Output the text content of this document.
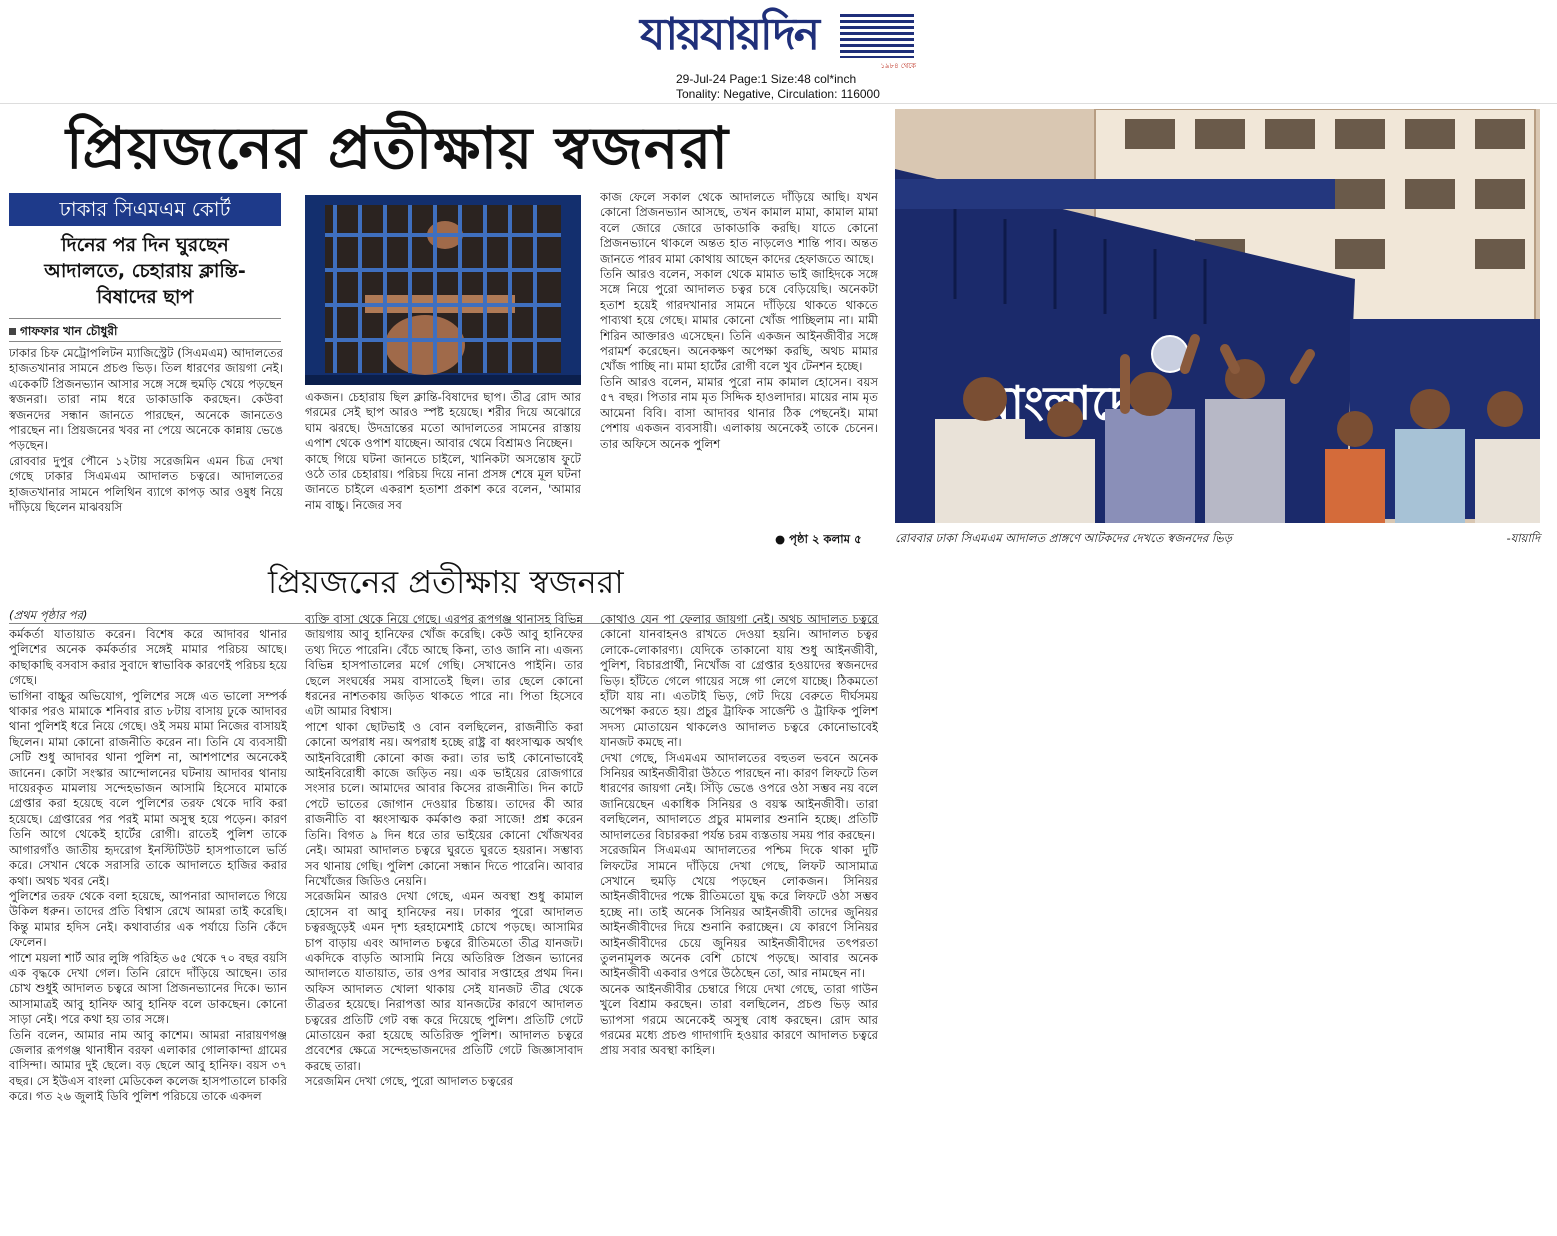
যায়যায়দিন
১৯৮৪ থেকে
29-Jul-24 Page:1 Size:48 col*inch
Tonality: Negative, Circulation: 116000
প্রিয়জনের প্রতীক্ষায় স্বজনরা
ঢাকার সিএমএম কোর্ট
দিনের পর দিন ঘুরছেন আদালতে, চেহারায় ক্লান্তি-বিষাদের ছাপ
গাফফার খান চৌধুরী
ঢাকার চিফ মেট্রোপলিটন ম্যাজিস্ট্রেট (সিএমএম) আদালতের হাজতখানার সামনে প্রচণ্ড ভিড়। তিল ধারণের জায়গা নেই। একেকটি প্রিজনভ্যান আসার সঙ্গে সঙ্গে হুমড়ি খেয়ে পড়ছেন স্বজনরা। তারা নাম ধরে ডাকাডাকি করছেন। কেউবা স্বজনদের সন্ধান জানতে পারছেন, অনেকে জানতেও পারছেন না। প্রিয়জনের খবর না পেয়ে অনেকে কান্নায় ভেঙে পড়ছেন।
রোববার দুপুর পৌনে ১২টায় সরেজমিন এমন চিত্র দেখা গেছে ঢাকার সিএমএম আদালত চত্বরে। আদালতের হাজতখানার সামনে পলিথিন ব্যাগে কাপড় আর ওষুধ নিয়ে দাঁড়িয়ে ছিলেন মাঝবয়সি
একজন। চেহারায় ছিল ক্লান্তি-বিষাদের ছাপ। তীব্র রোদ আর গরমের সেই ছাপ আরও স্পষ্ট হয়েছে। শরীর দিয়ে অঝোরে ঘাম ঝরছে। উদভ্রান্তের মতো আদালতের সামনের রাস্তায় এপাশ থেকে ওপাশ যাচ্ছেন। আবার থেমে বিশ্রামও নিচ্ছেন।
কাছে গিয়ে ঘটনা জানতে চাইলে, খানিকটা অসন্তোষ ফুটে ওঠে তার চেহারায়। পরিচয় দিয়ে নানা প্রসঙ্গ শেষে মূল ঘটনা জানতে চাইলে একরাশ হতাশা প্রকাশ করে বলেন, 'আমার নাম বাচ্চু। নিজের সব
কাজ ফেলে সকাল থেকে আদালতে দাঁড়িয়ে আছি। যখন কোনো প্রিজনভ্যান আসছে, তখন কামাল মামা, কামাল মামা বলে জোরে জোরে ডাকাডাকি করছি। যাতে কোনো প্রিজনভ্যানে থাকলে অন্তত হাত নাড়লেও শান্তি পাব। অন্তত জানতে পারব মামা কোথায় আছেন কাদের হেফাজতে আছে।
তিনি আরও বলেন, সকাল থেকে মামাত ভাই জাহিদকে সঙ্গে সঙ্গে নিয়ে পুরো আদালত চত্বর চষে বেড়িয়েছি। অনেকটা হতাশ হয়েই গারদখানার সামনে দাঁড়িয়ে থাকতে থাকতে পাব্যথা হয়ে গেছে। মামার কোনো খোঁজ পাচ্ছিলাম না। মামী শিরিন আক্তারও এসেছেন। তিনি একজন আইনজীবীর সঙ্গে পরামর্শ করেছেন। অনেকক্ষণ অপেক্ষা করছি, অথচ মামার খোঁজ পাচ্ছি না। মামা হার্টের রোগী বলে খুব টেনশন হচ্ছে।
তিনি আরও বলেন, মামার পুরো নাম কামাল হোসেন। বয়স ৫৭ বছর। পিতার নাম মৃত সিদ্দিক হাওলাদার। মায়ের নাম মৃত আমেনা বিবি। বাসা আদাবর থানার ঠিক পেছনেই। মামা পেশায় একজন ব্যবসায়ী। এলাকায় অনেকেই তাকে চেনেন। তার অফিসে অনেক পুলিশ
● পৃষ্ঠা ২ কলাম ৫	রোববার ঢাকা সিএমএম আদালত প্রাঙ্গণে আটকদের দেখতে স্বজনদের ভিড়	-যায়াদি
প্রিয়জনের প্রতীক্ষায় স্বজনরা
(প্রথম পৃষ্ঠার পর)
কর্মকর্তা যাতায়াত করেন। বিশেষ করে আদাবর থানার পুলিশের অনেক কর্মকর্তার সঙ্গেই মামার পরিচয় আছে। কাছাকাছি বসবাস করার সুবাদে স্বাভাবিক কারণেই পরিচয় হয়ে গেছে।
ভাগিনা বাচ্চুর অভিযোগ, পুলিশের সঙ্গে এত ভালো সম্পর্ক থাকার পরও মামাকে শনিবার রাত ৮টায় বাসায় ঢুকে আদাবর থানা পুলিশই ধরে নিয়ে গেছে। ওই সময় মামা নিজের বাসায়ই ছিলেন। মামা কোনো রাজনীতি করেন না। তিনি যে ব্যবসায়ী সেটি শুধু আদাবর থানা পুলিশ না, আশপাশের অনেকেই জানেন। কোটা সংস্কার আন্দোলনের ঘটনায় আদাবর থানায় দায়েরকৃত মামলায় সন্দেহভাজন আসামি হিসেবে মামাকে গ্রেপ্তার করা হয়েছে বলে পুলিশের তরফ থেকে দাবি করা হয়েছে। গ্রেপ্তারের পর পরই মামা অসুস্থ হয়ে পড়েন। কারণ তিনি আগে থেকেই হার্টের রোগী। রাতেই পুলিশ তাকে আগারগাঁও জাতীয় হৃদরোগ ইনস্টিটিউট হাসপাতালে ভর্তি করে। সেখান থেকে সরাসরি তাকে আদালতে হাজির করার কথা। অথচ খবর নেই।
পুলিশের তরফ থেকে বলা হয়েছে, আপনারা আদালতে গিয়ে উকিল ধরুন। তাদের প্রতি বিশ্বাস রেখে আমরা তাই করেছি। কিন্তু মামার হদিস নেই। কথাবার্তার এক পর্যায়ে তিনি কেঁদে ফেলেন।
পাশে ময়লা শার্ট আর লুঙ্গি পরিহিত ৬৫ থেকে ৭০ বছর বয়সি এক বৃদ্ধকে দেখা গেল। তিনি রোদে দাঁড়িয়ে আছেন। তার চোখ শুধুই আদালত চত্বরে আসা প্রিজনভ্যানের দিকে। ভ্যান আসামাত্রই আবু হানিফ আবু হানিফ বলে ডাকছেন। কোনো সাড়া নেই। পরে কথা হয় তার সঙ্গে।
তিনি বলেন, আমার নাম আবু কাশেম। আমরা নারায়ণগঞ্জ জেলার রূপগঞ্জ থানাধীন বরফা এলাকার গোলাকান্দা গ্রামের বাসিন্দা। আমার দুই ছেলে। বড় ছেলে আবু হানিফ। বয়স ৩৭ বছর। সে ইউএস বাংলা মেডিকেল কলেজ হাসপাতালে চাকরি করে। গত ২৬ জুলাই ডিবি পুলিশ পরিচয়ে তাকে একদল
ব্যক্তি বাসা থেকে নিয়ে গেছে। এরপর রূপগঞ্জ থানাসহ বিভিন্ন জায়গায় আবু হানিফের খোঁজ করেছি। কেউ আবু হানিফের তথ্য দিতে পারেনি। বেঁচে আছে কিনা, তাও জানি না। এজন্য বিভিন্ন হাসপাতালের মর্গে গেছি। সেখানেও পাইনি। তার ছেলে সংঘর্ষের সময় বাসাতেই ছিল। তার ছেলে কোনো ধরনের নাশতকায় জড়িত থাকতে পারে না। পিতা হিসেবে এটা আমার বিশ্বাস।
পাশে থাকা ছোটভাই ও বোন বলছিলেন, রাজনীতি করা কোনো অপরাধ নয়। অপরাধ হচ্ছে রাষ্ট্র বা ধ্বংসাত্মক অর্থাৎ আইনবিরোধী কোনো কাজ করা। তার ভাই কোনোভাবেই আইনবিরোধী কাজে জড়িত নয়। এক ভাইয়ের রোজগারে সংসার চলে। আমাদের আবার কিসের রাজনীতি। দিন কাটে পেটে ভাতের জোগান দেওয়ার চিন্তায়। তাদের কী আর রাজনীতি বা ধ্বংসাত্মক কর্মকাণ্ড করা সাজে! প্রশ্ন করেন তিনি। বিগত ৯ দিন ধরে তার ভাইয়ের কোনো খোঁজখবর নেই। আমরা আদালত চত্বরে ঘুরতে ঘুরতে হয়রান। সম্ভাব্য সব থানায় গেছি। পুলিশ কোনো সন্ধান দিতে পারেনি। আবার নিখোঁজের জিডিও নেয়নি।
সরেজমিন আরও দেখা গেছে, এমন অবস্থা শুধু কামাল হোসেন বা আবু হানিফের নয়। ঢাকার পুরো আদালত চত্বরজুড়েই এমন দৃশ্য হরহামেশাই চোখে পড়ছে। আসামির চাপ বাড়ায় এবং আদালত চত্বরে রীতিমতো তীব্র যানজট। একদিকে বাড়তি আসামি নিয়ে অতিরিক্ত প্রিজন ভ্যানের আদালতে যাতায়াত, তার ওপর আবার সপ্তাহের প্রথম দিন। অফিস আদালত খোলা থাকায় সেই যানজট তীব্র থেকে তীব্রতর হয়েছে। নিরাপত্তা আর যানজটের কারণে আদালত চত্বরের প্রতিটি গেট বন্ধ করে দিয়েছে পুলিশ। প্রতিটি গেটে মোতায়েন করা হয়েছে অতিরিক্ত পুলিশ। আদালত চত্বরে প্রবেশের ক্ষেত্রে সন্দেহভাজনদের প্রতিটি গেটে জিজ্ঞাসাবাদ করছে তারা।
সরেজমিন দেখা গেছে, পুরো আদালত চত্বরের
কোথাও যেন পা ফেলার জায়গা নেই। অথচ আদালত চত্বরে কোনো যানবাহনও রাখতে দেওয়া হয়নি। আদালত চত্বর লোকে-লোকারণ্য। যেদিকে তাকানো যায় শুধু আইনজীবী, পুলিশ, বিচারপ্রার্থী, নিখোঁজ বা গ্রেপ্তার হওয়াদের স্বজনদের ভিড়। হাঁটতে গেলে গায়ের সঙ্গে গা লেগে যাচ্ছে। ঠিকমতো হাঁটা যায় না। এতটাই ভিড়, গেট দিয়ে বেরুতে দীর্ঘসময় অপেক্ষা করতে হয়। প্রচুর ট্রাফিক সার্জেন্ট ও ট্রাফিক পুলিশ সদস্য মোতায়েন থাকলেও আদালত চত্বরে কোনোভাবেই যানজট কমছে না।
দেখা গেছে, সিএমএম আদালতের বহুতল ভবনে অনেক সিনিয়র আইনজীবীরা উঠতে পারছেন না। কারণ লিফটে তিল ধারণের জায়গা নেই। সিঁড়ি ভেঙে ওপরে ওঠা সম্ভব নয় বলে জানিয়েছেন একাধিক সিনিয়র ও বয়স্ক আইনজীবী। তারা বলছিলেন, আদালতে প্রচুর মামলার শুনানি হচ্ছে। প্রতিটি আদালতের বিচারকরা পর্যন্ত চরম ব্যস্ততায় সময় পার করছেন।
সরেজমিন সিএমএম আদালতের পশ্চিম দিকে থাকা দুটি লিফটের সামনে দাঁড়িয়ে দেখা গেছে, লিফট আসামাত্র সেখানে হুমড়ি খেয়ে পড়ছেন লোকজন। সিনিয়র আইনজীবীদের পক্ষে রীতিমতো যুদ্ধ করে লিফটে ওঠা সম্ভব হচ্ছে না। তাই অনেক সিনিয়র আইনজীবী তাদের জুনিয়র আইনজীবীদের দিয়ে শুনানি করাচ্ছেন। যে কারণে সিনিয়র আইনজীবীদের চেয়ে জুনিয়র আইনজীবীদের তৎপরতা তুলনামূলক অনেক বেশি চোখে পড়ছে। আবার অনেক আইনজীবী একবার ওপরে উঠেছেন তো, আর নামছেন না।
অনেক আইনজীবীর চেম্বারে গিয়ে দেখা গেছে, তারা গাউন খুলে বিশ্রাম করছেন। তারা বলছিলেন, প্রচণ্ড ভিড় আর ভ্যাপসা গরমে অনেকেই অসুস্থ বোধ করছেন। রোদ আর গরমের মধ্যে প্রচণ্ড গাদাগাদি হওয়ার কারণে আদালত চত্বরে প্রায় সবার অবস্থা কাহিল।
